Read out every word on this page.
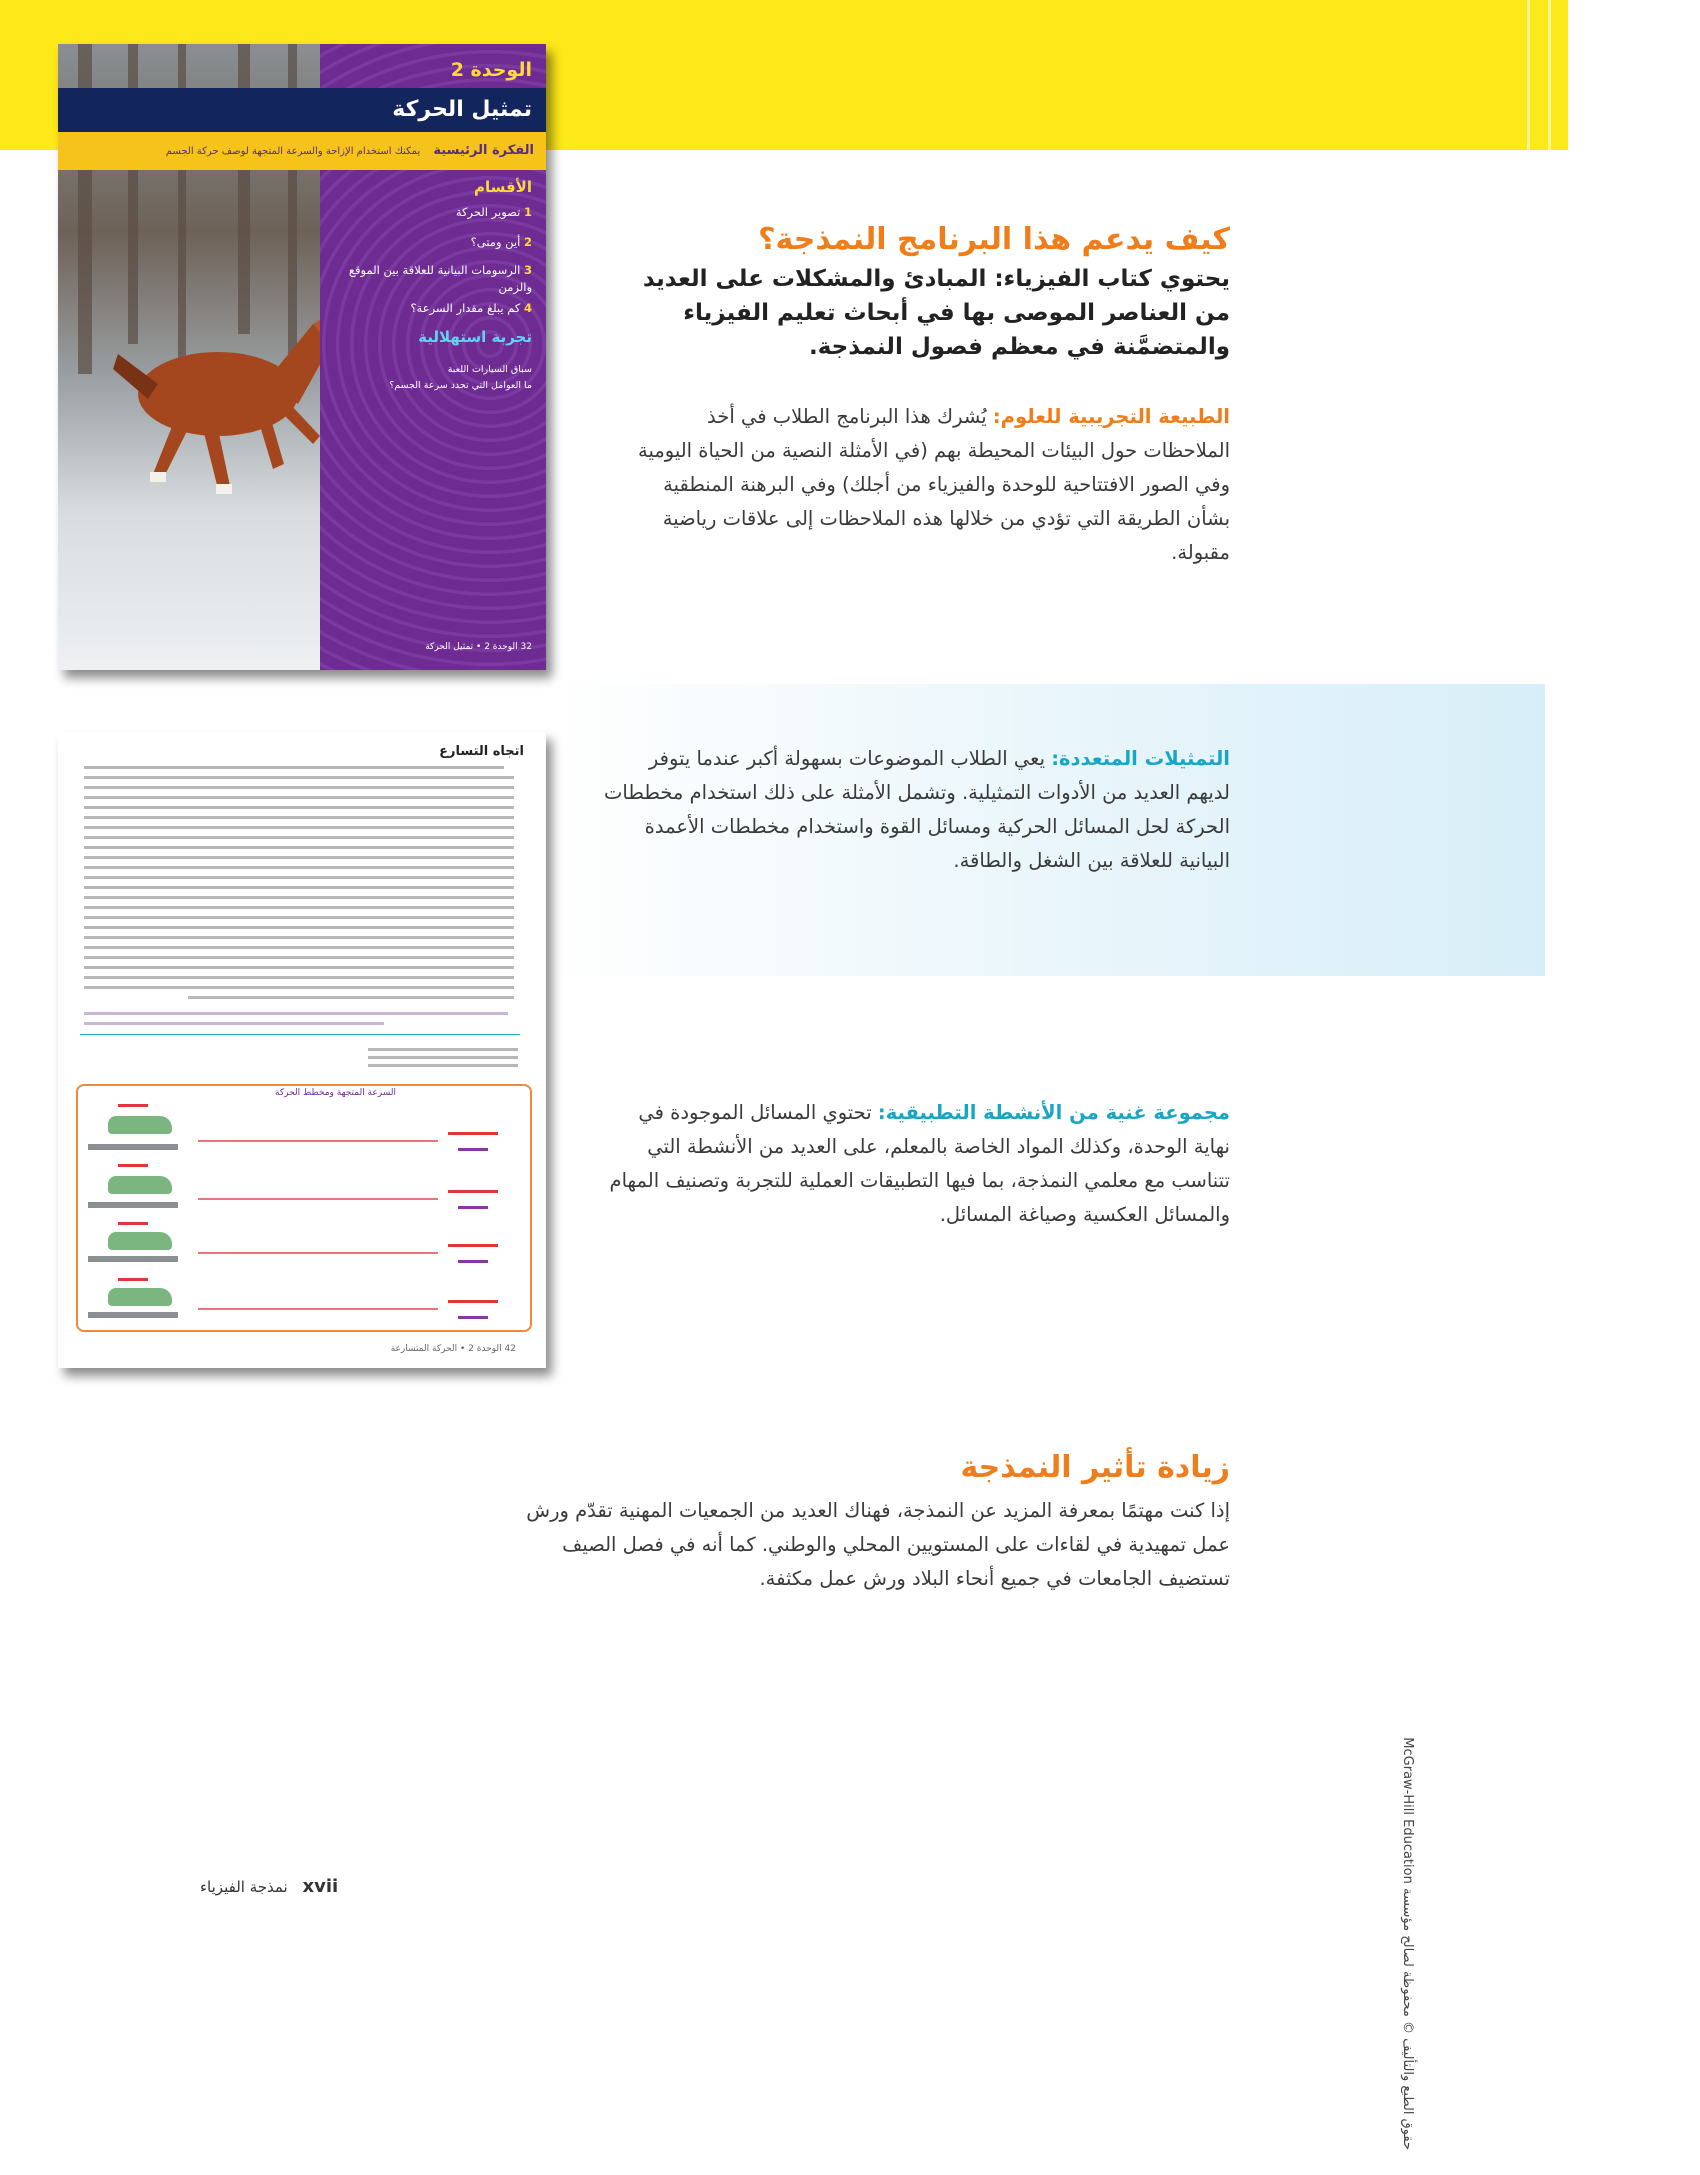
الوحدة 2
تمثيل الحركة
الفكرة الرئيسية يمكنك استخدام الإزاحة والسرعة المتجهة لوصف حركة الجسم
الأقسام
1 تصوير الحركة
2 أين ومتى؟
3 الرسومات البيانية للعلاقة بين الموقع والزمن
4 كم يبلغ مقدار السرعة؟
تجربة استهلالية
سباق السيارات اللعبة
ما العوامل التي تحدد سرعة الجسم؟
32 الوحدة 2 • تمثيل الحركة
اتجاه التسارع
السرعة المتجهة ومخطط الحركة
42 الوحدة 2 • الحركة المتسارعة
كيف يدعم هذا البرنامج النمذجة؟
يحتوي كتاب الفيزياء: المبادئ والمشكلات على العديد من العناصر الموصى بها في أبحاث تعليم الفيزياء والمتضمَّنة في معظم فصول النمذجة.
الطبيعة التجريبية للعلوم: يُشرك هذا البرنامج الطلاب في أخذ الملاحظات حول البيئات المحيطة بهم (في الأمثلة النصية من الحياة اليومية وفي الصور الافتتاحية للوحدة والفيزياء من أجلك) وفي البرهنة المنطقية بشأن الطريقة التي تؤدي من خلالها هذه الملاحظات إلى علاقات رياضية مقبولة.
التمثيلات المتعددة: يعي الطلاب الموضوعات بسهولة أكبر عندما يتوفر لديهم العديد من الأدوات التمثيلية. وتشمل الأمثلة على ذلك استخدام مخططات الحركة لحل المسائل الحركية ومسائل القوة واستخدام مخططات الأعمدة البيانية للعلاقة بين الشغل والطاقة.
مجموعة غنية من الأنشطة التطبيقية: تحتوي المسائل الموجودة في نهاية الوحدة، وكذلك المواد الخاصة بالمعلم، على العديد من الأنشطة التي تتناسب مع معلمي النمذجة، بما فيها التطبيقات العملية للتجربة وتصنيف المهام والمسائل العكسية وصياغة المسائل.
زيادة تأثير النمذجة
إذا كنت مهتمًا بمعرفة المزيد عن النمذجة، فهناك العديد من الجمعيات المهنية تقدّم ورش عمل تمهيدية في لقاءات على المستويين المحلي والوطني. كما أنه في فصل الصيف تستضيف الجامعات في جميع أنحاء البلاد ورش عمل مكثفة.
حقوق الطبع والتأليف © محفوظة لصالح مؤسسة McGraw-Hill Education
xvii نمذجة الفيزياء
